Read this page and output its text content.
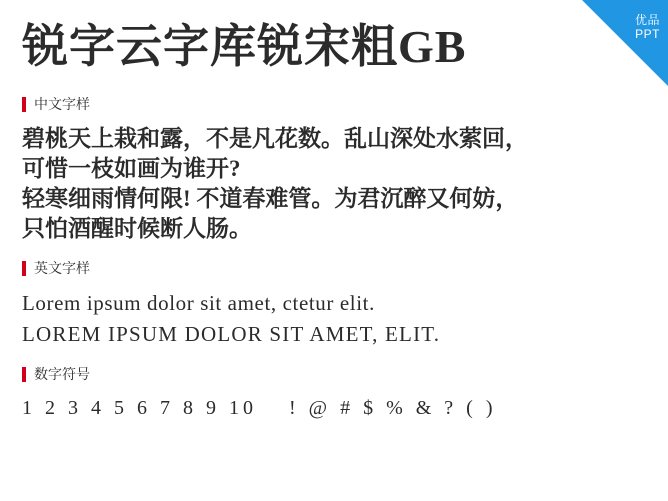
优品
PPT
锐字云字库锐宋粗GB
中文字样
碧桃天上栽和露，不是凡花数。乱山深处水萦回，
可惜一枝如画为谁开?
轻寒细雨情何限! 不道春难管。为君沉醉又何妨，
只怕酒醒时候断人肠。
英文字样
Lorem ipsum dolor sit amet, ctetur elit.
LOREM IPSUM DOLOR SIT AMET, ELIT.
数字符号
1 2 3 4 5 6 7 8 9 10 ! @ # $ % & ? ( )
